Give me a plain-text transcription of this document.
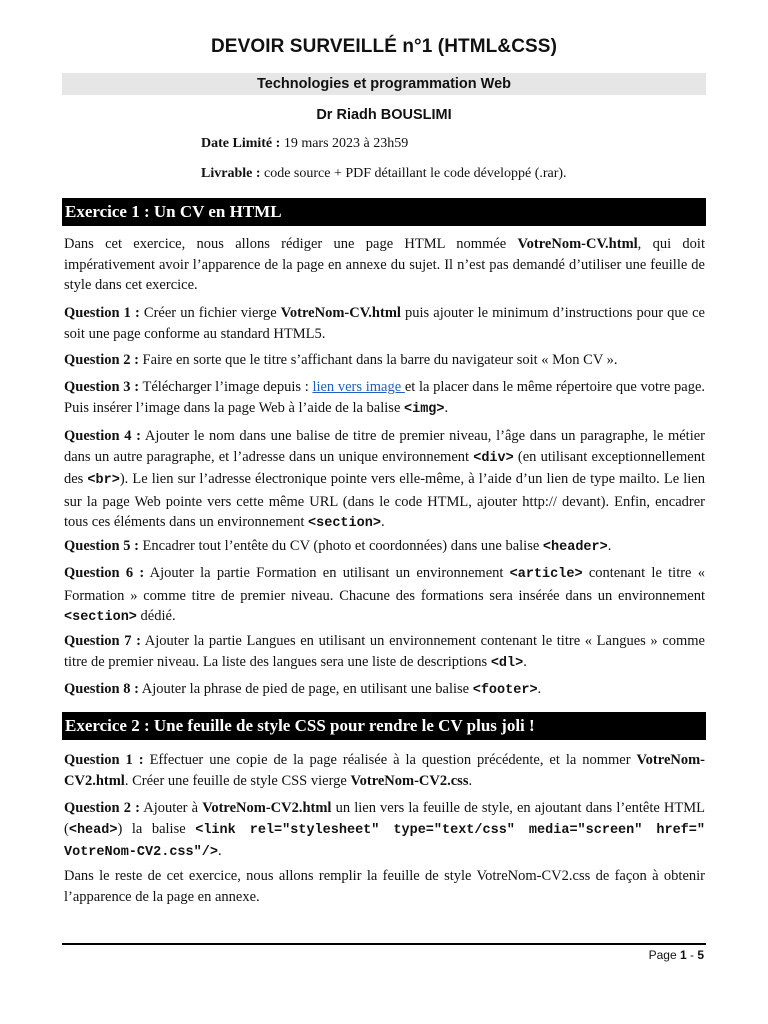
DEVOIR SURVEILLÉ n°1 (HTML&CSS)
Technologies et programmation Web
Dr Riadh BOUSLIMI
Date Limité : 19 mars 2023 à 23h59
Livrable : code source + PDF détaillant le code développé (.rar).
Exercice 1 : Un CV en HTML
Dans cet exercice, nous allons rédiger une page HTML nommée VotreNom-CV.html, qui doit impérativement avoir l’apparence de la page en annexe du sujet. Il n’est pas demandé d’utiliser une feuille de style dans cet exercice.
Question 1 : Créer un fichier vierge VotreNom-CV.html puis ajouter le minimum d’instructions pour que ce soit une page conforme au standard HTML5.
Question 2 : Faire en sorte que le titre s’affichant dans la barre du navigateur soit « Mon CV ».
Question 3 : Télécharger l’image depuis : lien vers image et la placer dans le même répertoire que votre page. Puis insérer l’image dans la page Web à l’aide de la balise <img>.
Question 4 : Ajouter le nom dans une balise de titre de premier niveau, l’âge dans un paragraphe, le métier dans un autre paragraphe, et l’adresse dans un unique environnement <div> (en utilisant exceptionnellement des <br>). Le lien sur l’adresse électronique pointe vers elle-même, à l’aide d’un lien de type mailto. Le lien sur la page Web pointe vers cette même URL (dans le code HTML, ajouter http:// devant). Enfin, encadrer tous ces éléments dans un environnement <section>.
Question 5 : Encadrer tout l’entête du CV (photo et coordonnées) dans une balise <header>.
Question 6 : Ajouter la partie Formation en utilisant un environnement <article> contenant le titre « Formation » comme titre de premier niveau. Chacune des formations sera insérée dans un environnement <section> dédié.
Question 7 : Ajouter la partie Langues en utilisant un environnement contenant le titre « Langues » comme titre de premier niveau. La liste des langues sera une liste de descriptions <dl>.
Question 8 : Ajouter la phrase de pied de page, en utilisant une balise <footer>.
Exercice 2 : Une feuille de style CSS pour rendre le CV plus joli !
Question 1 : Effectuer une copie de la page réalisée à la question précédente, et la nommer VotreNom-CV2.html. Créer une feuille de style CSS vierge VotreNom-CV2.css.
Question 2 : Ajouter à VotreNom-CV2.html un lien vers la feuille de style, en ajoutant dans l’entête HTML (<head>) la balise <link rel="stylesheet" type="text/css" media="screen" href=" VotreNom-CV2.css"/>.
Dans le reste de cet exercice, nous allons remplir la feuille de style VotreNom-CV2.css de façon à obtenir l’apparence de la page en annexe.
Page 1 - 5
